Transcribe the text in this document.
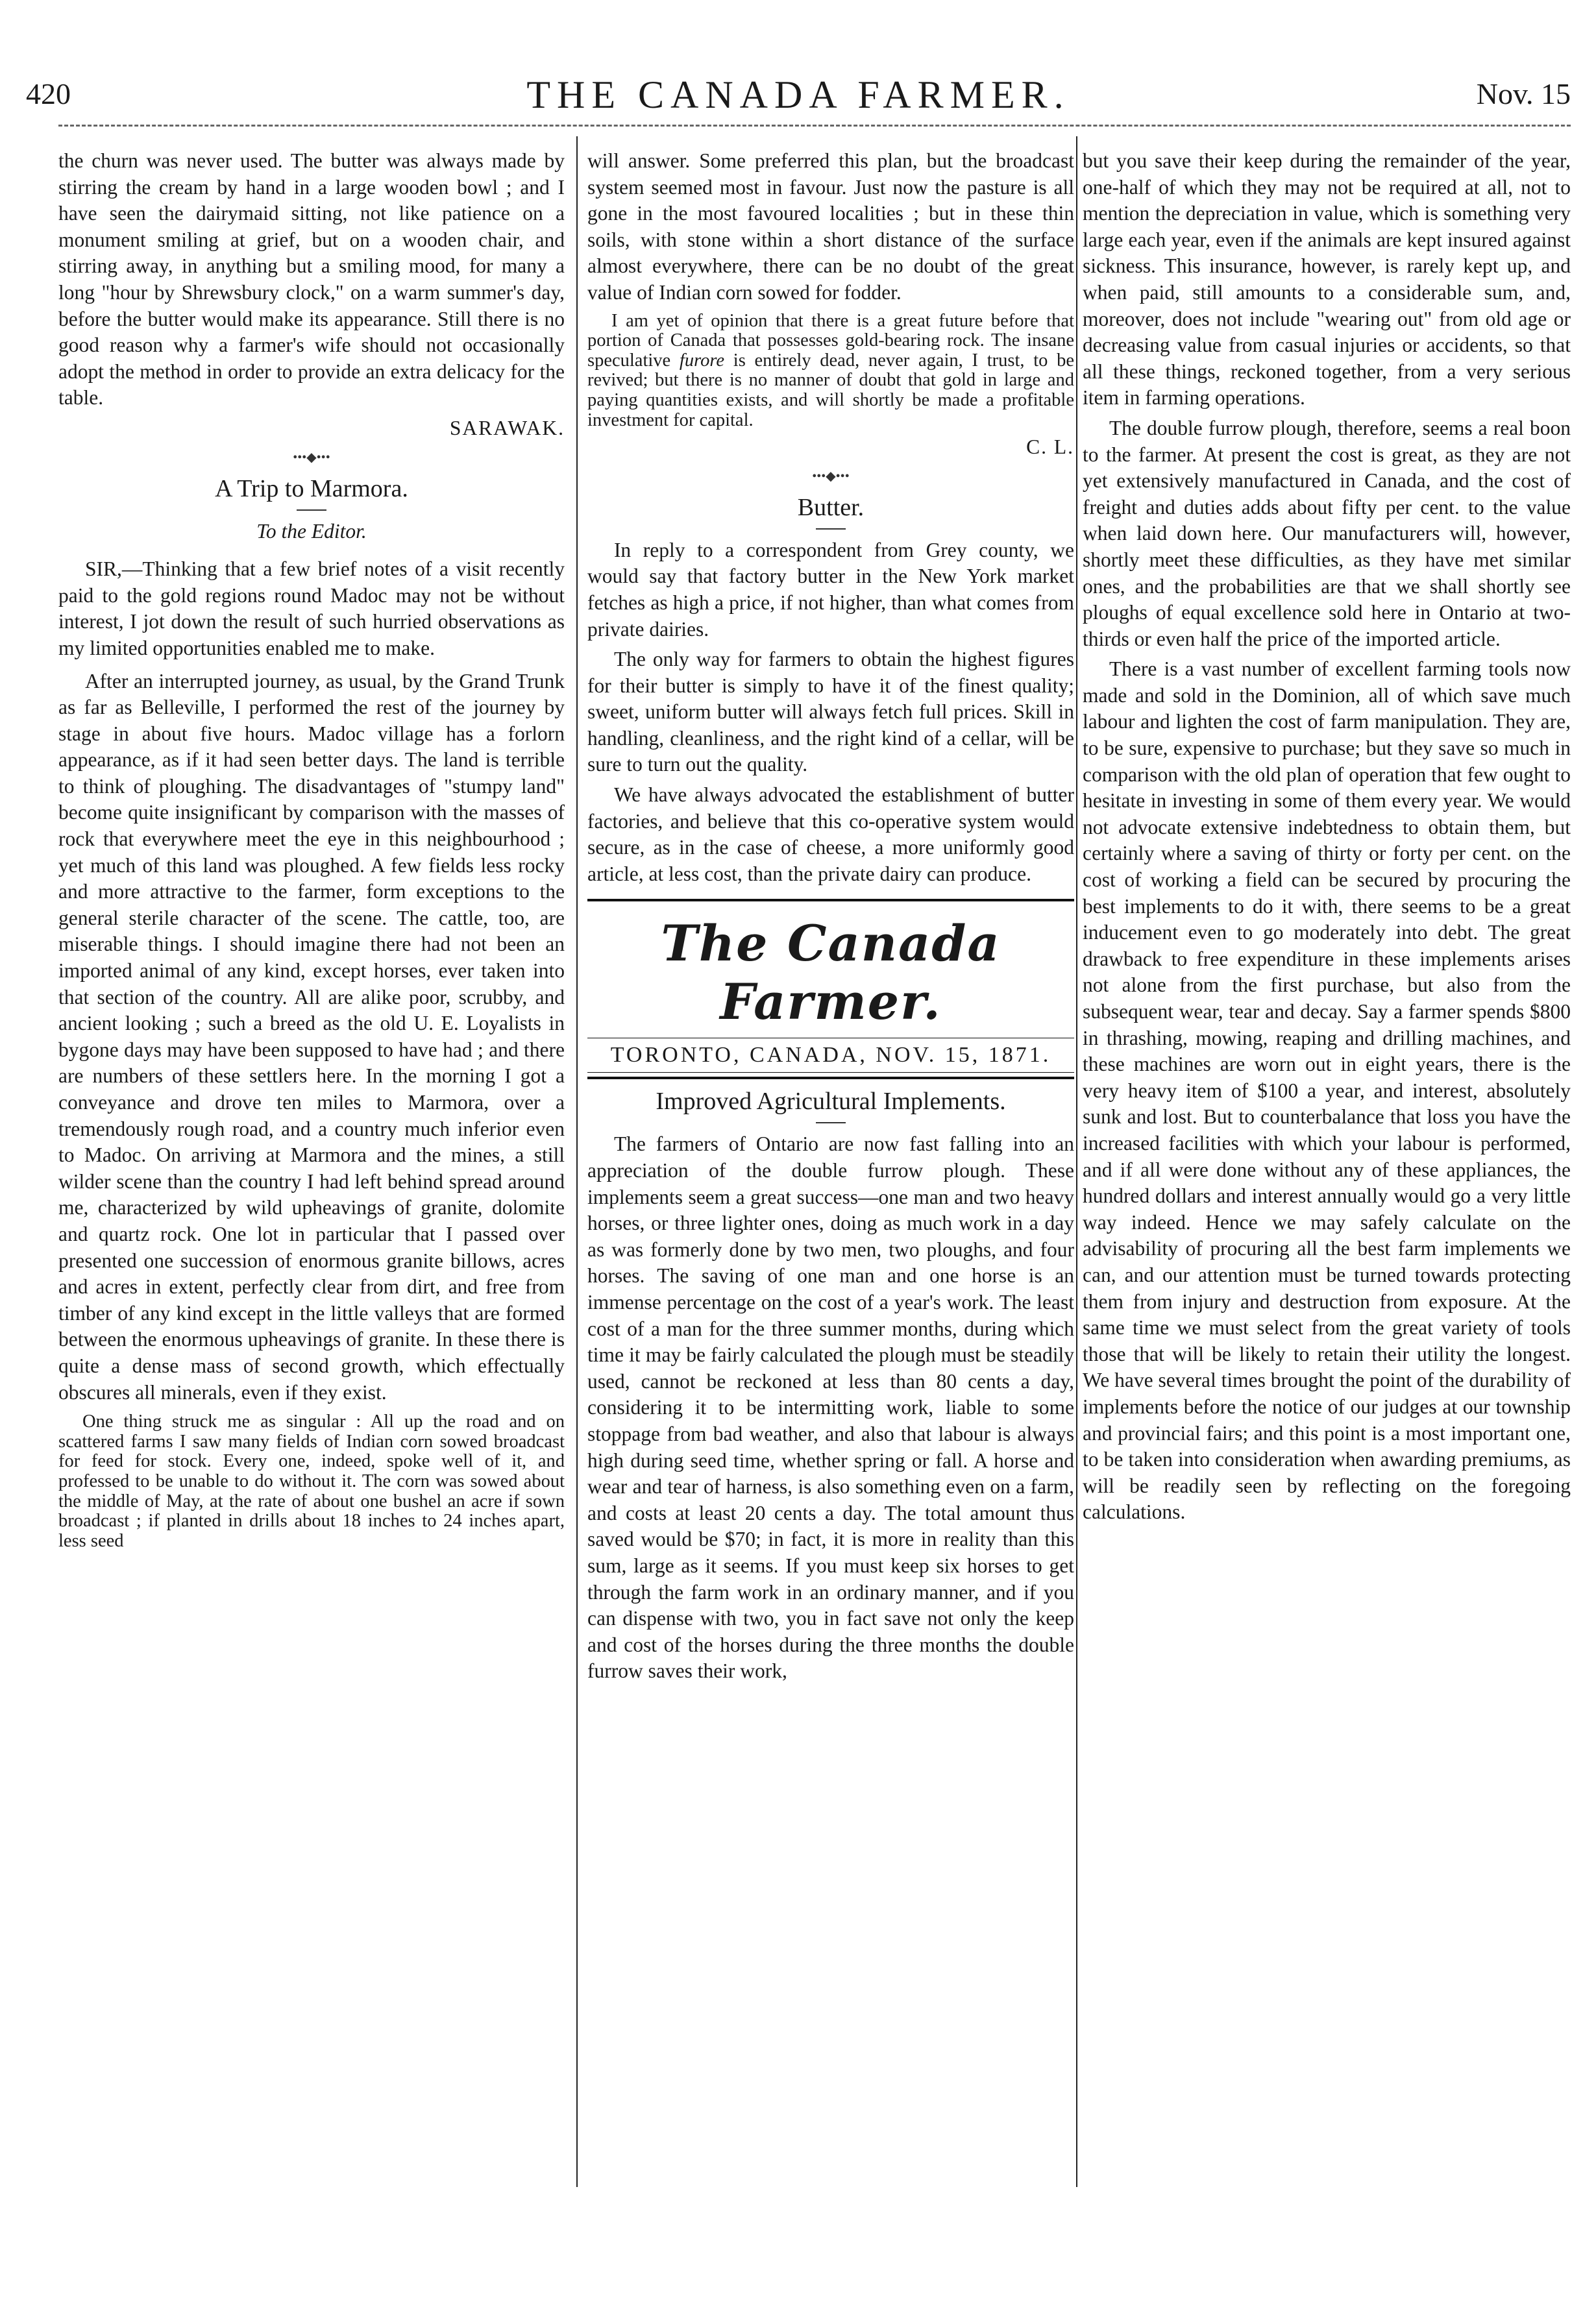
420	THE CANADA FARMER.	Nov. 15

the churn was never used. The butter was always made by stirring the cream by hand in a large wooden bowl ; and I have seen the dairymaid sitting, not like patience on a monument smiling at grief, but on a wooden chair, and stirring away, in anything but a smiling mood, for many a long "hour by Shrewsbury clock," on a warm summer's day, before the butter would make its appearance. Still there is no good reason why a farmer's wife should not occasionally adopt the method in order to provide an extra delicacy for the table.

SARAWAK.
•••◆•••
A Trip to Marmora.
To the Editor.

SIR,—Thinking that a few brief notes of a visit recently paid to the gold regions round Madoc may not be without interest, I jot down the result of such hurried observations as my limited opportunities enabled me to make.

After an interrupted journey, as usual, by the Grand Trunk as far as Belleville, I performed the rest of the journey by stage in about five hours. Madoc village has a forlorn appearance, as if it had seen better days. The land is terrible to think of ploughing. The disadvantages of "stumpy land" become quite insignificant by comparison with the masses of rock that everywhere meet the eye in this neighbourhood ; yet much of this land was ploughed. A few fields less rocky and more attractive to the farmer, form exceptions to the general sterile character of the scene. The cattle, too, are miserable things. I should imagine there had not been an imported animal of any kind, except horses, ever taken into that section of the country. All are alike poor, scrubby, and ancient looking ; such a breed as the old U. E. Loyalists in bygone days may have been supposed to have had ; and there are numbers of these settlers here. In the morning I got a conveyance and drove ten miles to Marmora, over a tremendously rough road, and a country much inferior even to Madoc. On arriving at Marmora and the mines, a still wilder scene than the country I had left behind spread around me, characterized by wild upheavings of granite, dolomite and quartz rock. One lot in particular that I passed over presented one succession of enormous granite billows, acres and acres in extent, perfectly clear from dirt, and free from timber of any kind except in the little valleys that are formed between the enormous upheavings of granite. In these there is quite a dense mass of second growth, which effectually obscures all minerals, even if they exist.

One thing struck me as singular : All up the road and on scattered farms I saw many fields of Indian corn sowed broadcast for feed for stock. Every one, indeed, spoke well of it, and professed to be unable to do without it. The corn was sowed about the middle of May, at the rate of about one bushel an acre if sown broadcast ; if planted in drills about 18 inches to 24 inches apart, less seed

will answer. Some preferred this plan, but the broadcast system seemed most in favour. Just now the pasture is all gone in the most favoured localities ; but in these thin soils, with stone within a short distance of the surface almost everywhere, there can be no doubt of the great value of Indian corn sowed for fodder.

I am yet of opinion that there is a great future before that portion of Canada that possesses gold-bearing rock. The insane speculative furore is entirely dead, never again, I trust, to be revived; but there is no manner of doubt that gold in large and paying quantities exists, and will shortly be made a profitable investment for capital.

C. L.
•••◆•••
Butter.

In reply to a correspondent from Grey county, we would say that factory butter in the New York market fetches as high a price, if not higher, than what comes from private dairies.

The only way for farmers to obtain the highest figures for their butter is simply to have it of the finest quality; sweet, uniform butter will always fetch full prices. Skill in handling, cleanliness, and the right kind of a cellar, will be sure to turn out the quality.

We have always advocated the establishment of butter factories, and believe that this co-operative system would secure, as in the case of cheese, a more uniformly good article, at less cost, than the private dairy can produce.

The Canada Farmer.
TORONTO, CANADA, NOV. 15, 1871.
Improved Agricultural Implements.

The farmers of Ontario are now fast falling into an appreciation of the double furrow plough. These implements seem a great success—one man and two heavy horses, or three lighter ones, doing as much work in a day as was formerly done by two men, two ploughs, and four horses. The saving of one man and one horse is an immense percentage on the cost of a year's work. The least cost of a man for the three summer months, during which time it may be fairly calculated the plough must be steadily used, cannot be reckoned at less than 80 cents a day, considering it to be intermitting work, liable to some stoppage from bad weather, and also that labour is always high during seed time, whether spring or fall. A horse and wear and tear of harness, is also something even on a farm, and costs at least 20 cents a day. The total amount thus saved would be $70; in fact, it is more in reality than this sum, large as it seems. If you must keep six horses to get through the farm work in an ordinary manner, and if you can dispense with two, you in fact save not only the keep and cost of the horses during the three months the double furrow saves their work,

but you save their keep during the remainder of the year, one-half of which they may not be required at all, not to mention the depreciation in value, which is something very large each year, even if the animals are kept insured against sickness. This insurance, however, is rarely kept up, and when paid, still amounts to a considerable sum, and, moreover, does not include "wearing out" from old age or decreasing value from casual injuries or accidents, so that all these things, reckoned together, from a very serious item in farming operations.

The double furrow plough, therefore, seems a real boon to the farmer. At present the cost is great, as they are not yet extensively manufactured in Canada, and the cost of freight and duties adds about fifty per cent. to the value when laid down here. Our manufacturers will, however, shortly meet these difficulties, as they have met similar ones, and the probabilities are that we shall shortly see ploughs of equal excellence sold here in Ontario at two-thirds or even half the price of the imported article.

There is a vast number of excellent farming tools now made and sold in the Dominion, all of which save much labour and lighten the cost of farm manipulation. They are, to be sure, expensive to purchase; but they save so much in comparison with the old plan of operation that few ought to hesitate in investing in some of them every year. We would not advocate extensive indebtedness to obtain them, but certainly where a saving of thirty or forty per cent. on the cost of working a field can be secured by procuring the best implements to do it with, there seems to be a great inducement even to go moderately into debt. The great drawback to free expenditure in these implements arises not alone from the first purchase, but also from the subsequent wear, tear and decay. Say a farmer spends $800 in thrashing, mowing, reaping and drilling machines, and these machines are worn out in eight years, there is the very heavy item of $100 a year, and interest, absolutely sunk and lost. But to counterbalance that loss you have the increased facilities with which your labour is performed, and if all were done without any of these appliances, the hundred dollars and interest annually would go a very little way indeed. Hence we may safely calculate on the advisability of procuring all the best farm implements we can, and our attention must be turned towards protecting them from injury and destruction from exposure. At the same time we must select from the great variety of tools those that will be likely to retain their utility the longest. We have several times brought the point of the durability of implements before the notice of our judges at our township and provincial fairs; and this point is a most important one, to be taken into consideration when awarding premiums, as will be readily seen by reflecting on the foregoing calculations.
